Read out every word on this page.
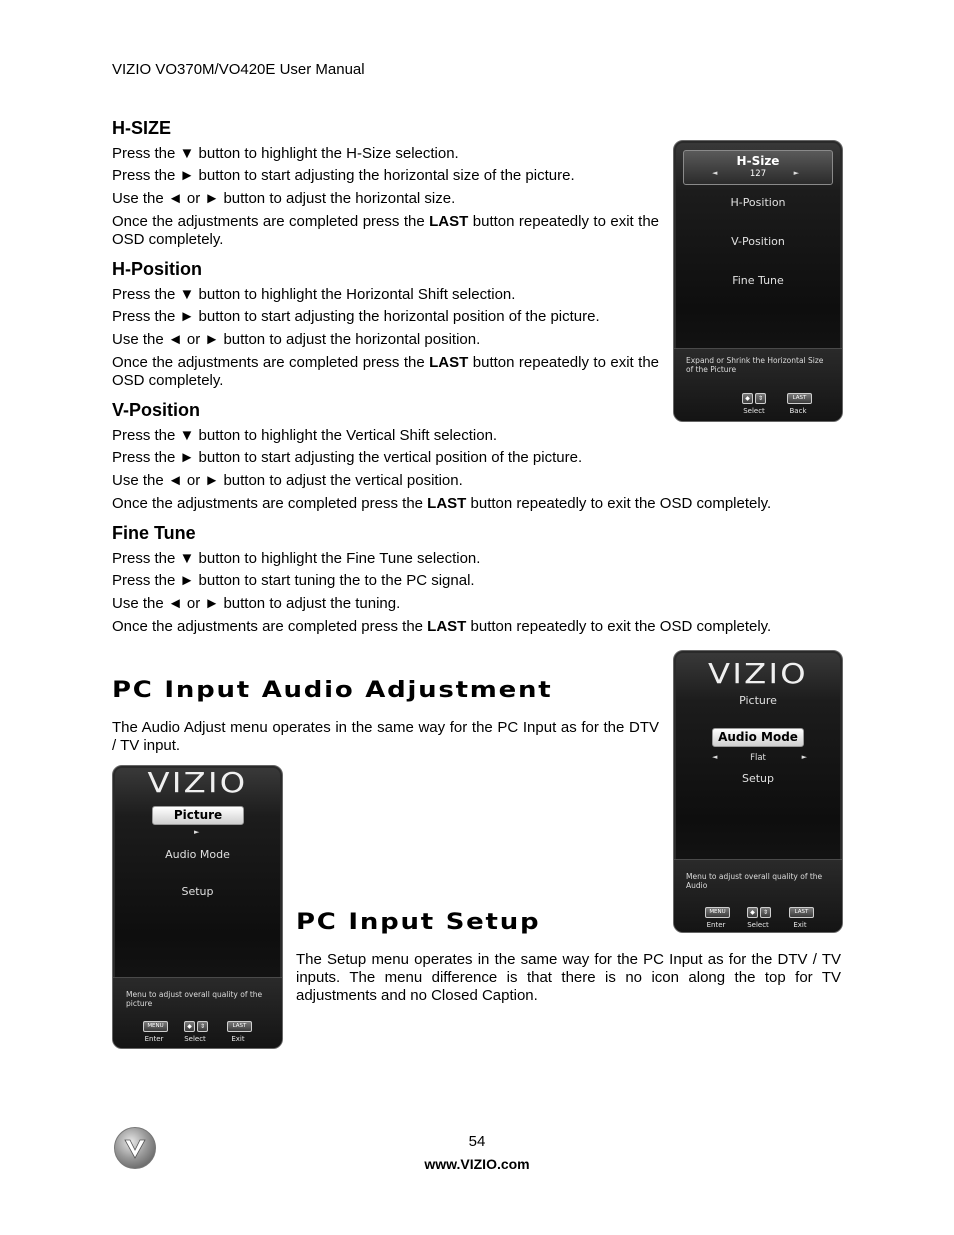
VIZIO VO370M/VO420E User Manual
H-SIZE

Press the ▼ button to highlight the H-Size selection.

Press the ► button to start adjusting the horizontal size of the picture.

Use the ◄ or ► button to adjust the horizontal size.

Once the adjustments are completed press the LAST button repeatedly to exit the OSD completely.

H-Position

Press the ▼ button to highlight the Horizontal Shift selection.

Press the ► button to start adjusting the horizontal position of the picture.

Use the ◄ or ► button to adjust the horizontal position.

Once the adjustments are completed press the LAST button repeatedly to exit the OSD completely.

V-Position

Press the ▼ button to highlight the Vertical Shift selection.

Press the ► button to start adjusting the vertical position of the picture.

Use the ◄ or ► button to adjust the vertical position.

Once the adjustments are completed press the LAST button repeatedly to exit the OSD completely.

Fine Tune

Press the ▼ button to highlight the Fine Tune selection.

Press the ► button to start tuning the to the PC signal.

Use the ◄ or ► button to adjust the tuning.

Once the adjustments are completed press the LAST button repeatedly to exit the OSD completely.

H-Size
127
◄	►
H-Position
V-Position
Fine Tune
Expand or Shrink the Horizontal Size of the Picture
◆	⇕	LAST
Select	Back
PC Input Audio Adjustment

The Audio Adjust menu operates in the same way for the PC Input as for the DTV / TV input.

VIZIO
Picture
Audio Mode
Flat
◄	►
Setup
Menu to adjust overall quality of the Audio
MENU	◆	⇕	LAST
Enter	Select	Exit
VIZIO
Picture
►
Audio Mode
Setup
Menu to adjust overall quality of the picture
MENU	◆	⇕	LAST
Enter	Select	Exit
PC Input Setup

The Setup menu operates in the same way for the PC Input as for the DTV / TV inputs. The menu difference is that there is no icon along the top for TV adjustments and no Closed Caption.

54
www.VIZIO.com
